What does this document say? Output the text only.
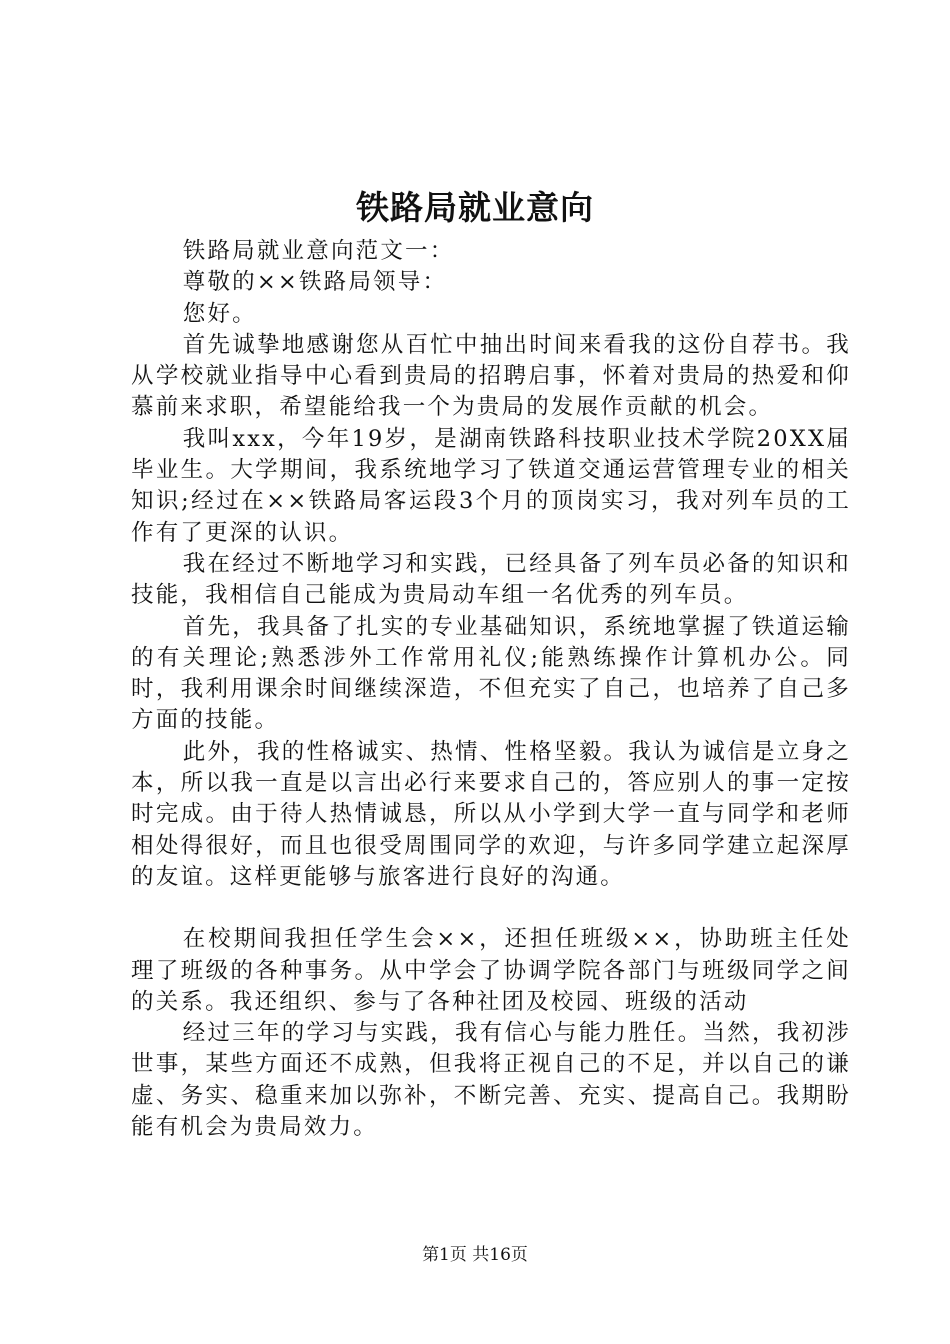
铁路局就业意向

铁路局就业意向范文一：

尊敬的××铁路局领导：

您好。

首先诚挚地感谢您从百忙中抽出时间来看我的这份自荐书。我从学校就业指导中心看到贵局的招聘启事，怀着对贵局的热爱和仰慕前来求职，希望能给我一个为贵局的发展作贡献的机会。

我叫xxx，今年19岁，是湖南铁路科技职业技术学院20XX届毕业生。大学期间，我系统地学习了铁道交通运营管理专业的相关知识;经过在××铁路局客运段3个月的顶岗实习，我对列车员的工作有了更深的认识。

我在经过不断地学习和实践，已经具备了列车员必备的知识和技能，我相信自己能成为贵局动车组一名优秀的列车员。

首先，我具备了扎实的专业基础知识，系统地掌握了铁道运输的有关理论;熟悉涉外工作常用礼仪;能熟练操作计算机办公。同时，我利用课余时间继续深造，不但充实了自己，也培养了自己多方面的技能。

此外，我的性格诚实、热情、性格坚毅。我认为诚信是立身之本，所以我一直是以言出必行来要求自己的，答应别人的事一定按时完成。由于待人热情诚恳，所以从小学到大学一直与同学和老师相处得很好，而且也很受周围同学的欢迎，与许多同学建立起深厚的友谊。这样更能够与旅客进行良好的沟通。

在校期间我担任学生会××，还担任班级××，协助班主任处理了班级的各种事务。从中学会了协调学院各部门与班级同学之间的关系。我还组织、参与了各种社团及校园、班级的活动

经过三年的学习与实践，我有信心与能力胜任。当然，我初涉世事，某些方面还不成熟，但我将正视自己的不足，并以自己的谦虚、务实、稳重来加以弥补，不断完善、充实、提高自己。我期盼能有机会为贵局效力。

第1页 共16页
